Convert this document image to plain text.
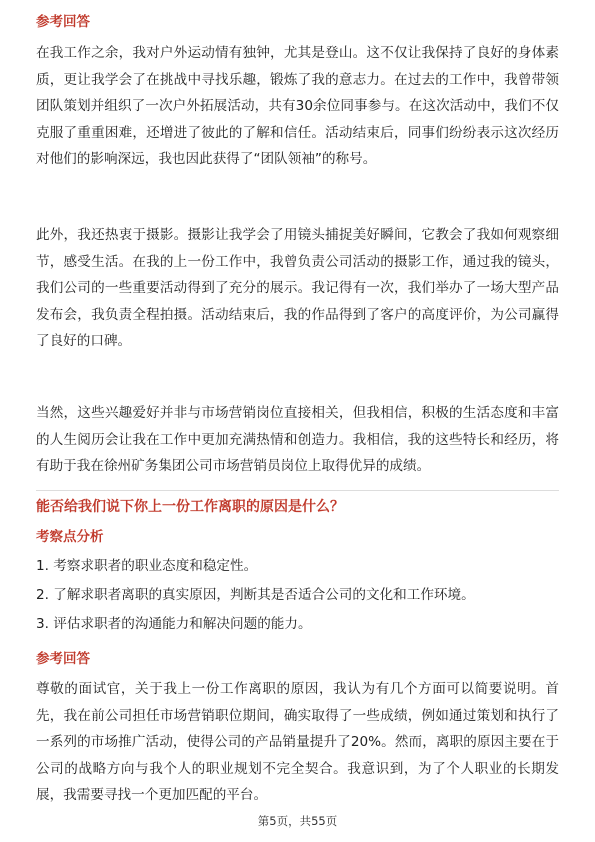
参考回答

在我工作之余，我对户外运动情有独钟，尤其是登山。这不仅让我保持了良好的身体素质，更让我学会了在挑战中寻找乐趣，锻炼了我的意志力。在过去的工作中，我曾带领团队策划并组织了一次户外拓展活动，共有30余位同事参与。在这次活动中，我们不仅克服了重重困难，还增进了彼此的了解和信任。活动结束后，同事们纷纷表示这次经历对他们的影响深远，我也因此获得了“团队领袖”的称号。

此外，我还热衷于摄影。摄影让我学会了用镜头捕捉美好瞬间，它教会了我如何观察细节，感受生活。在我的上一份工作中，我曾负责公司活动的摄影工作，通过我的镜头，我们公司的一些重要活动得到了充分的展示。我记得有一次，我们举办了一场大型产品发布会，我负责全程拍摄。活动结束后，我的作品得到了客户的高度评价，为公司赢得了良好的口碑。

当然，这些兴趣爱好并非与市场营销岗位直接相关，但我相信，积极的生活态度和丰富的人生阅历会让我在工作中更加充满热情和创造力。我相信，我的这些特长和经历，将有助于我在徐州矿务集团公司市场营销员岗位上取得优异的成绩。

能否给我们说下你上一份工作离职的原因是什么？
考察点分析
1. 考察求职者的职业态度和稳定性。
2. 了解求职者离职的真实原因，判断其是否适合公司的文化和工作环境。
3. 评估求职者的沟通能力和解决问题的能力。
参考回答

尊敬的面试官，关于我上一份工作离职的原因，我认为有几个方面可以简要说明。首先，我在前公司担任市场营销职位期间，确实取得了一些成绩，例如通过策划和执行了一系列的市场推广活动，使得公司的产品销量提升了20%。然而，离职的原因主要在于公司的战略方向与我个人的职业规划不完全契合。我意识到，为了个人职业的长期发展，我需要寻找一个更加匹配的平台。

第5页，共55页
